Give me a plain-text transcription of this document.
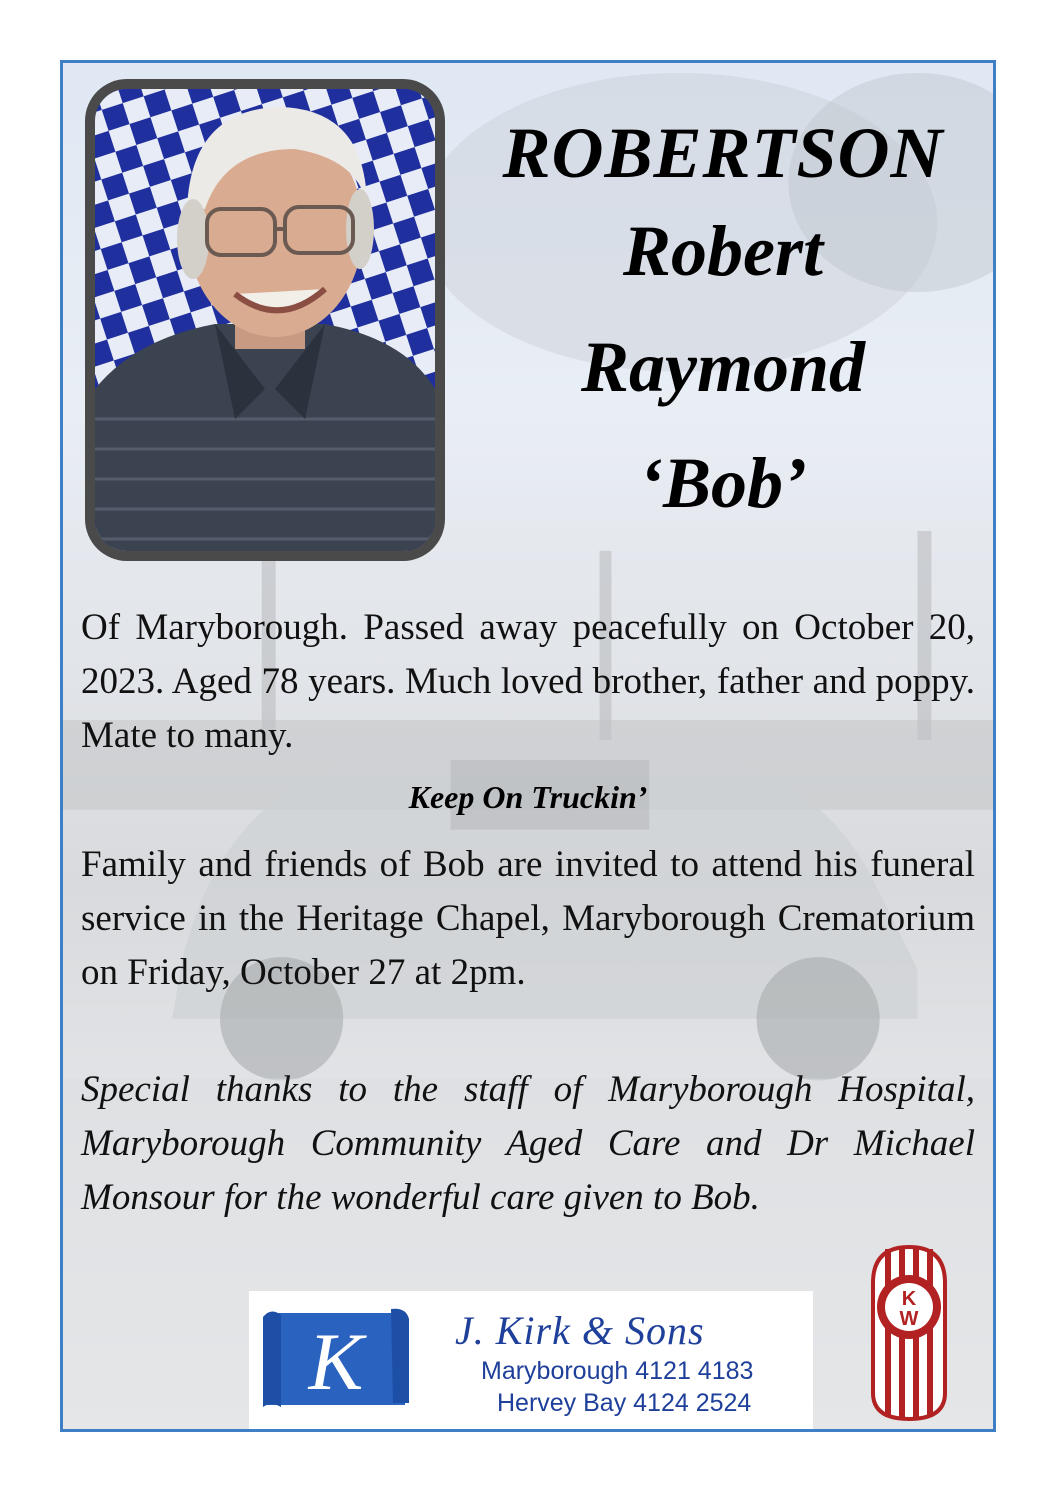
ROBERTSON
Robert
Raymond
‘Bob’
Of Maryborough. Passed away peacefully on October 20, 2023. Aged 78 years. Much loved brother, father and poppy. Mate to many.
Keep On Truckin’
Family and friends of Bob are invited to attend his funeral service in the Heritage Chapel, Maryborough Crematorium on Friday, October 27 at 2pm.
Special thanks to the staff of Maryborough Hospital, Maryborough Community Aged Care and Dr Michael Monsour for the wonderful care given to Bob.
K J. Kirk & Sons
Maryborough 4121 4183
Hervey Bay 4124 2524
K
W
